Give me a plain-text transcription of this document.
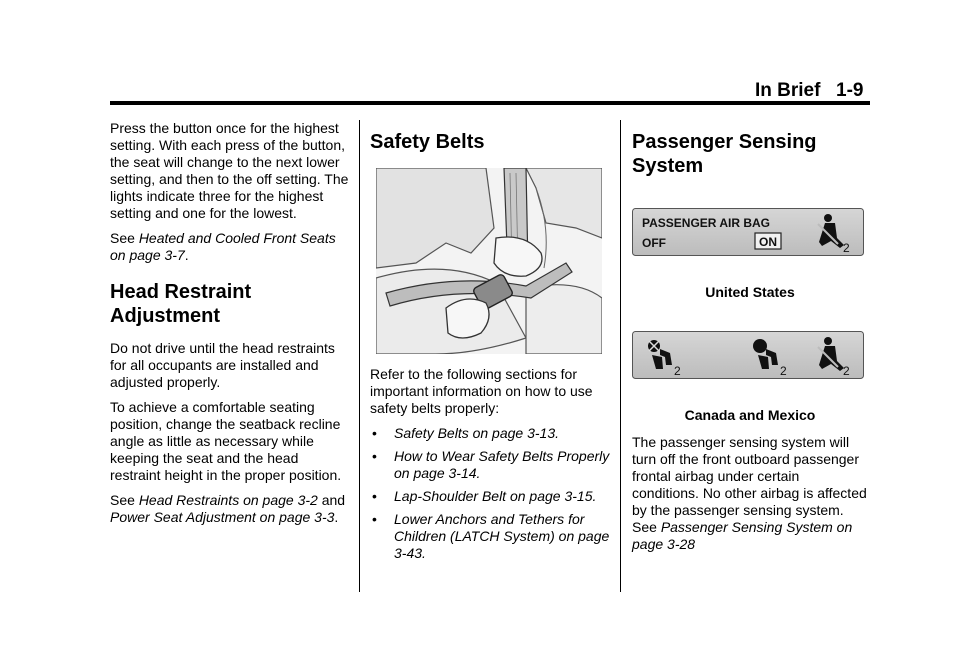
In Brief 1-9

Press the button once for the highest setting. With each press of the button, the seat will change to the next lower setting, and then to the off setting. The lights indicate three for the highest setting and one for the lowest.

See Heated and Cooled Front Seats on page 3-7.

Head Restraint Adjustment

Do not drive until the head restraints for all occupants are installed and adjusted properly.

To achieve a comfortable seating position, change the seatback recline angle as little as necessary while keeping the seat and the head restraint height in the proper position.

See Head Restraints on page 3-2 and Power Seat Adjustment on page 3-3.

Safety Belts

Refer to the following sections for important information on how to use safety belts properly:

• Safety Belts on page 3-13.
• How to Wear Safety Belts Properly on page 3-14.
• Lap-Shoulder Belt on page 3-15.
• Lower Anchors and Tethers for Children (LATCH System) on page 3-43.
Passenger Sensing System
PASSENGER AIR BAG
OFF	ON	2
United States
2	2	2
Canada and Mexico

The passenger sensing system will turn off the front outboard passenger frontal airbag under certain conditions. No other airbag is affected by the passenger sensing system. See Passenger Sensing System on page 3-28
